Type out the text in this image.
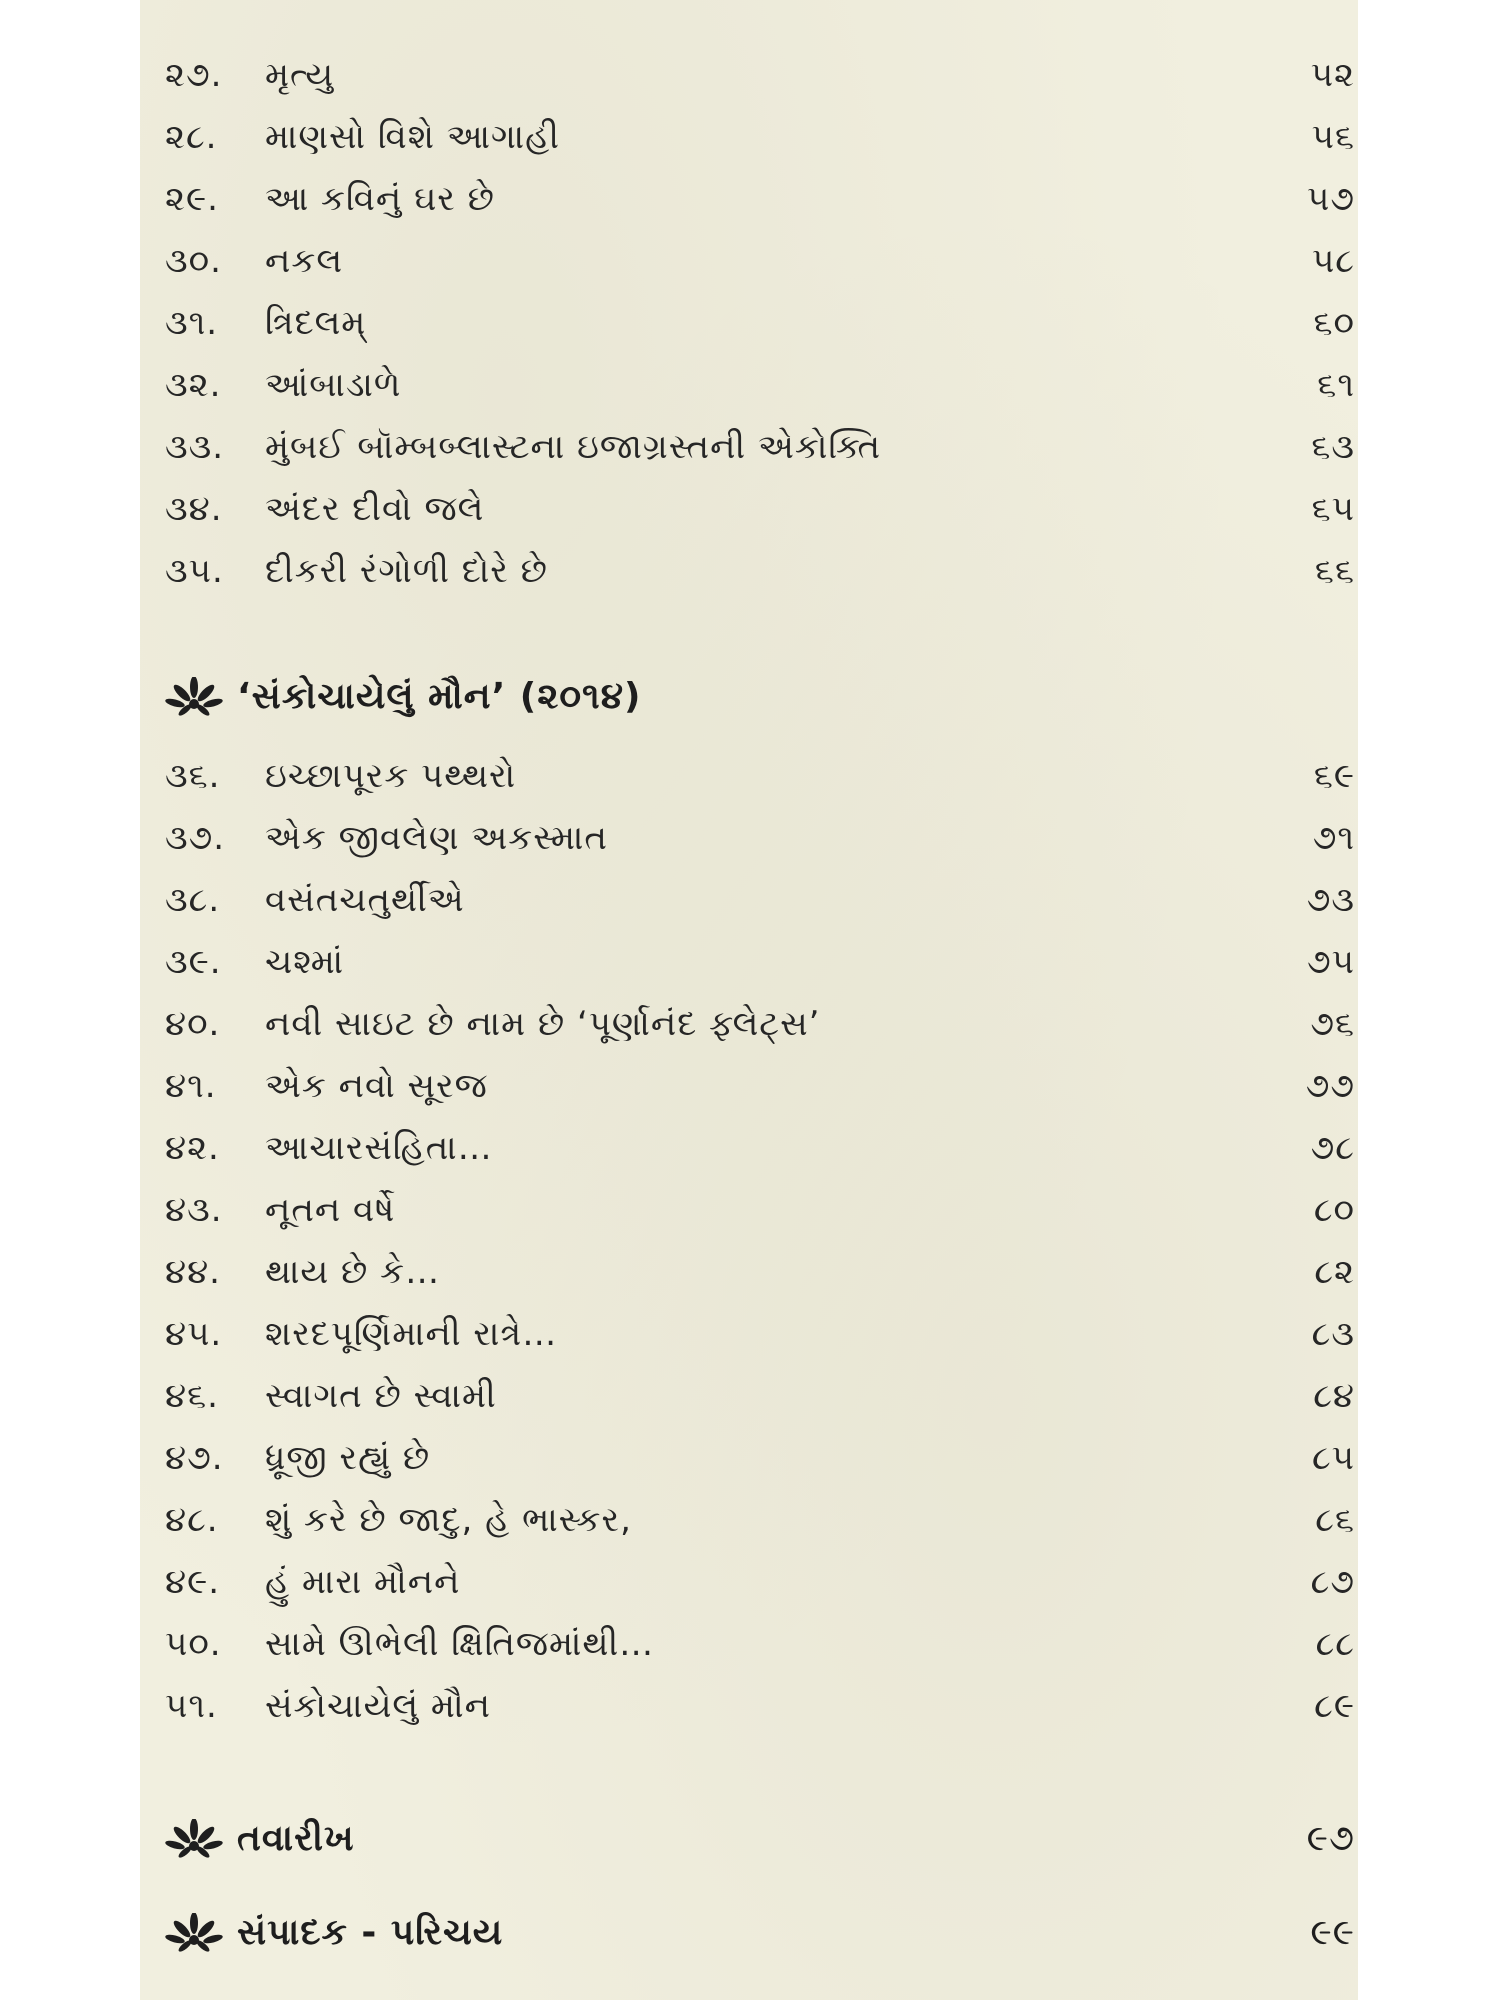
૨૭.	મૃત્યુ	૫૨
૨૮.	માણસો વિશે આગાહી	૫૬
૨૯.	આ કવિનું ઘર છે	૫૭
૩૦.	નકલ	૫૮
૩૧.	ત્રિદલમ્	૬૦
૩૨.	આંબાડાળે	૬૧
૩૩.	મુંબઈ બૉમ્બબ્લાસ્ટના ઇજાગ્રસ્તની એકોક્તિ	૬૩
૩૪.	અંદર દીવો જલે	૬૫
૩૫.	દીકરી રંગોળી દોરે છે	૬૬
‘સંકોચાયેલું મૌન’ (૨૦૧૪)
૩૬.	ઇચ્છાપૂરક પથ્થરો	૬૯
૩૭.	એક જીવલેણ અકસ્માત	૭૧
૩૮.	વસંતચતુર્થીએ	૭૩
૩૯.	ચશ્માં	૭૫
૪૦.	નવી સાઇટ છે નામ છે ‘પૂર્ણાનંદ ફ્લેટ્સ’	૭૬
૪૧.	એક નવો સૂરજ	૭૭
૪૨.	આચારસંહિતા…	૭૮
૪૩.	નૂતન વર્ષે	૮૦
૪૪.	થાય છે કે…	૮૨
૪૫.	શરદપૂર્ણિમાની રાત્રે…	૮૩
૪૬.	સ્વાગત છે સ્વામી	૮૪
૪૭.	ધ્રૂજી રહ્યું છે	૮૫
૪૮.	શું કરે છે જાદુ, હે ભાસ્કર,	૮૬
૪૯.	હું મારા મૌનને	૮૭
૫૦.	સામે ઊભેલી ક્ષિતિજમાંથી…	૮૮
૫૧.	સંકોચાયેલું મૌન	૮૯
તવારીખ	૯૭
સંપાદક - પરિચય	૯૯
